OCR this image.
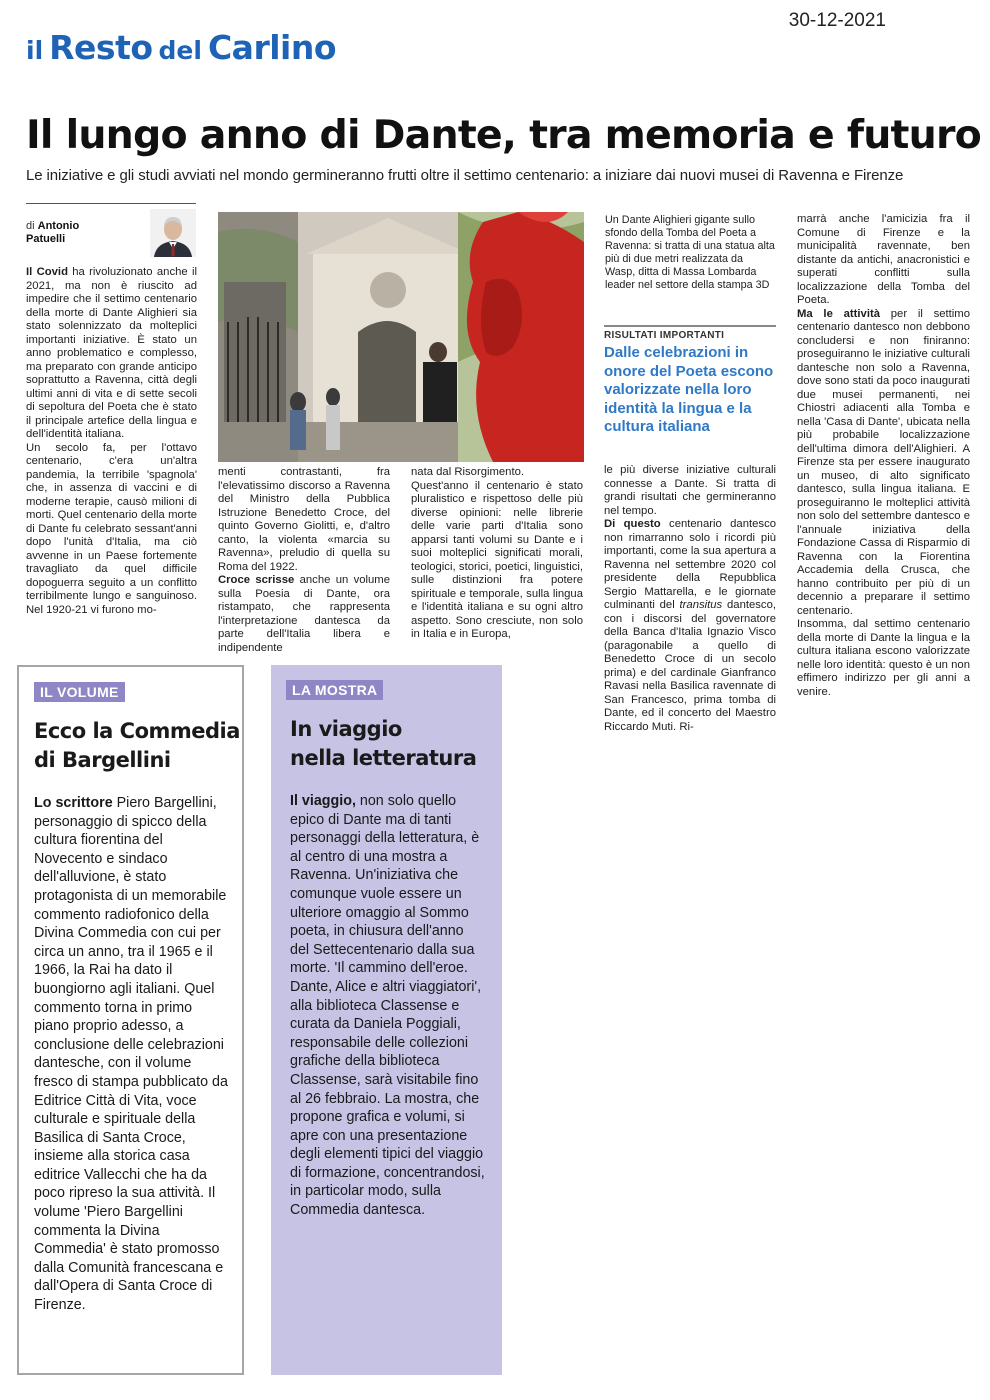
30-12-2021
il Resto del Carlino
Il lungo anno di Dante, tra memoria e futuro
Le iniziative e gli studi avviati nel mondo germineranno frutti oltre il settimo centenario: a iniziare dai nuovi musei di Ravenna e Firenze
di Antonio
Patuelli

Il Covid ha rivoluzionato anche il 2021, ma non è riuscito ad impedire che il settimo centenario della morte di Dante Alighieri sia stato solennizzato da molteplici importanti iniziative. È stato un anno problematico e complesso, ma preparato con grande anticipo soprattutto a Ravenna, città degli ultimi anni di vita e di sette secoli di sepoltura del Poeta che è stato il principale artefice della lingua e dell'identità italiana.

Un secolo fa, per l'ottavo centenario, c'era un'altra pandemia, la terribile 'spagnola' che, in assenza di vaccini e di moderne terapie, causò milioni di morti. Quel centenario della morte di Dante fu celebrato sessant'anni dopo l'unità d'Italia, ma ciò avvenne in un Paese fortemente travagliato da quel difficile dopoguerra seguito a un conflitto terribilmente lungo e sanguinoso. Nel 1920-21 vi furono mo-

menti contrastanti, fra l'elevatissimo discorso a Ravenna del Ministro della Pubblica Istruzione Benedetto Croce, del quinto Governo Giolitti, e, d'altro canto, la violenta «marcia su Ravenna», preludio di quella su Roma del 1922.

Croce scrisse anche un volume sulla Poesia di Dante, ora ristampato, che rappresenta l'interpretazione dantesca da parte dell'Italia libera e indipendente

nata dal Risorgimento.

Quest'anno il centenario è stato pluralistico e rispettoso delle più diverse opinioni: nelle librerie delle varie parti d'Italia sono apparsi tanti volumi su Dante e i suoi molteplici significati morali, teologici, storici, poetici, linguistici, sulle distinzioni fra potere spirituale e temporale, sulla lingua e l'identità italiana e su ogni altro aspetto. Sono cresciute, non solo in Italia e in Europa,

Un Dante Alighieri gigante sullo sfondo della Tomba del Poeta a Ravenna: si tratta di una statua alta più di due metri realizzata da Wasp, ditta di Massa Lombarda leader nel settore della stampa 3D
RISULTATI IMPORTANTI
Dalle celebrazioni in onore del Poeta escono valorizzate nella loro identità la lingua e la cultura italiana

le più diverse iniziative culturali connesse a Dante. Si tratta di grandi risultati che germineranno nel tempo.

Di questo centenario dantesco non rimarranno solo i ricordi più importanti, come la sua apertura a Ravenna nel settembre 2020 col presidente della Repubblica Sergio Mattarella, e le giornate culminanti del transitus dantesco, con i discorsi del governatore della Banca d'Italia Ignazio Visco (paragonabile a quello di Benedetto Croce di un secolo prima) e del cardinale Gianfranco Ravasi nella Basilica ravennate di San Francesco, prima tomba di Dante, ed il concerto del Maestro Riccardo Muti. Ri-

marrà anche l'amicizia fra il Comune di Firenze e la municipalità ravennate, ben distante da antichi, anacronistici e superati conflitti sulla localizzazione della Tomba del Poeta.

Ma le attività per il settimo centenario dantesco non debbono concludersi e non finiranno: proseguiranno le iniziative culturali dantesche non solo a Ravenna, dove sono stati da poco inaugurati due musei permanenti, nei Chiostri adiacenti alla Tomba e nella 'Casa di Dante', ubicata nella più probabile localizzazione dell'ultima dimora dell'Alighieri. A Firenze sta per essere inaugurato un museo, di alto significato dantesco, sulla lingua italiana. E proseguiranno le molteplici attività non solo del settembre dantesco e l'annuale iniziativa della Fondazione Cassa di Risparmio di Ravenna con la Fiorentina Accademia della Crusca, che hanno contribuito per più di un decennio a preparare il settimo centenario.

Insomma, dal settimo centenario della morte di Dante la lingua e la cultura italiana escono valorizzate nelle loro identità: questo è un non effimero indirizzo per gli anni a venire.

IL VOLUME
Ecco la Commedia
di Bargellini
Lo scrittore Piero Bargellini, personaggio di spicco della cultura fiorentina del Novecento e sindaco dell'alluvione, è stato protagonista di un memorabile commento radiofonico della Divina Commedia con cui per circa un anno, tra il 1965 e il 1966, la Rai ha dato il buongiorno agli italiani. Quel commento torna in primo piano proprio adesso, a conclusione delle celebrazioni dantesche, con il volume fresco di stampa pubblicato da Editrice Città di Vita, voce culturale e spirituale della Basilica di Santa Croce, insieme alla storica casa editrice Vallecchi che ha da poco ripreso la sua attività. Il volume 'Piero Bargellini commenta la Divina Commedia' è stato promosso dalla Comunità francescana e dall'Opera di Santa Croce di Firenze.
LA MOSTRA
In viaggio
nella letteratura
Il viaggio, non solo quello epico di Dante ma di tanti personaggi della letteratura, è al centro di una mostra a Ravenna. Un'iniziativa che comunque vuole essere un ulteriore omaggio al Sommo poeta, in chiusura dell'anno del Settecentenario dalla sua morte. 'Il cammino dell'eroe. Dante, Alice e altri viaggiatori', alla biblioteca Classense e curata da Daniela Poggiali, responsabile delle collezioni grafiche della biblioteca Classense, sarà visitabile fino al 26 febbraio. La mostra, che propone grafica e volumi, si apre con una presentazione degli elementi tipici del viaggio di formazione, concentrandosi, in particolar modo, sulla Commedia dantesca.
